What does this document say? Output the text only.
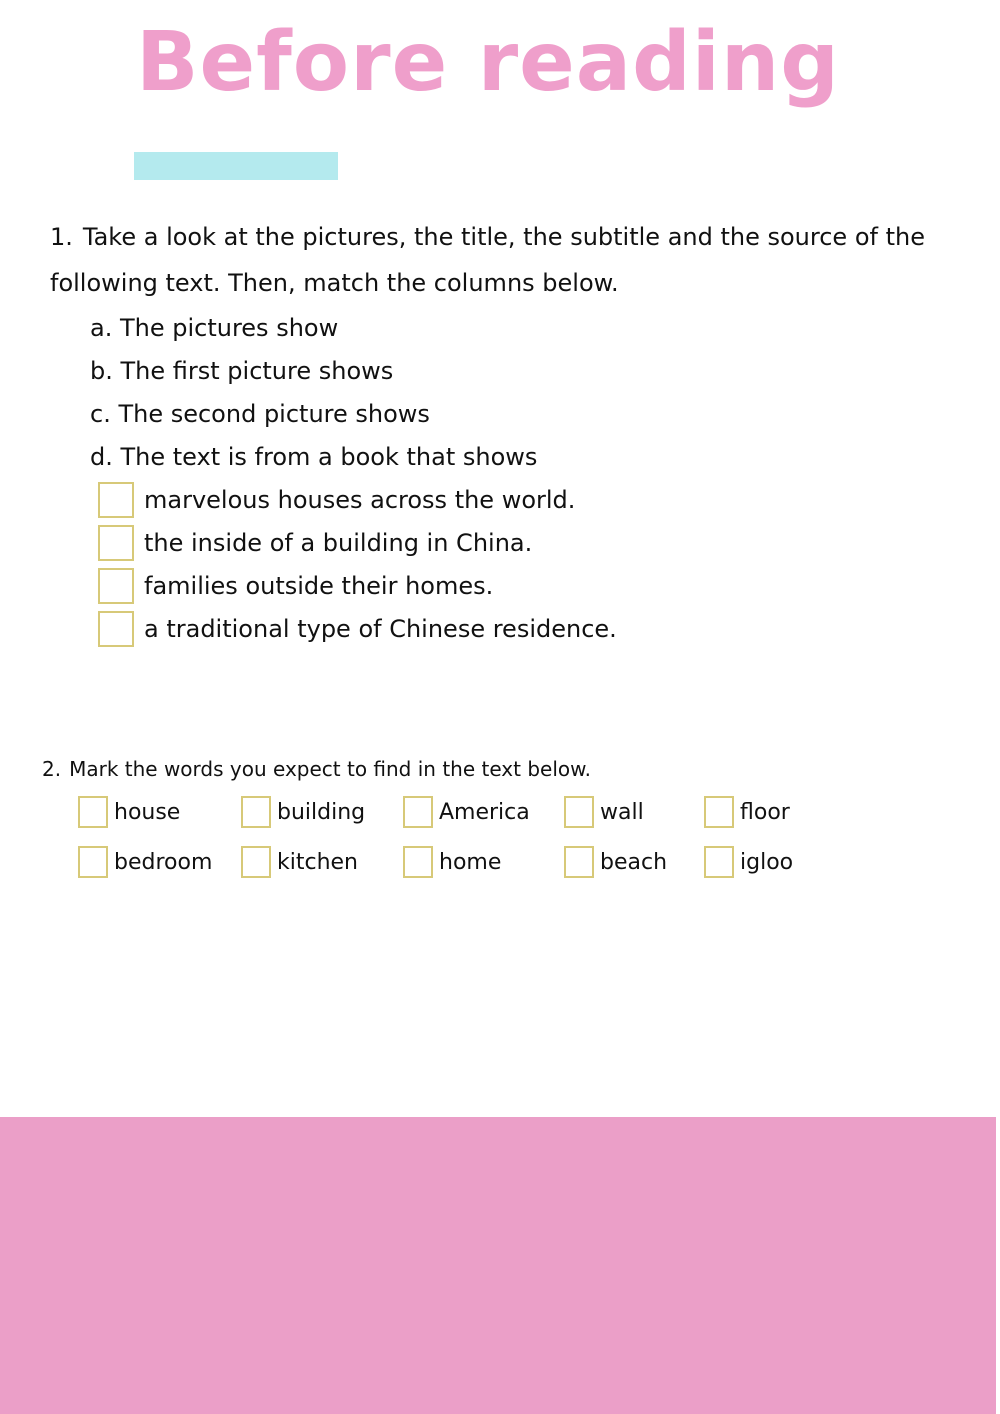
Before reading

1. Take a look at the pictures, the title, the subtitle and the source of the following text. Then, match the columns below.

a. The pictures show
b. The first picture shows
c. The second picture shows
d. The text is from a book that shows
marvelous houses across the world.
the inside of a building in China.
families outside their homes.
a traditional type of Chinese residence.

2. Mark the words you expect to find in the text below.

house	building	America	wall	floor
bedroom	kitchen	home	beach	igloo
